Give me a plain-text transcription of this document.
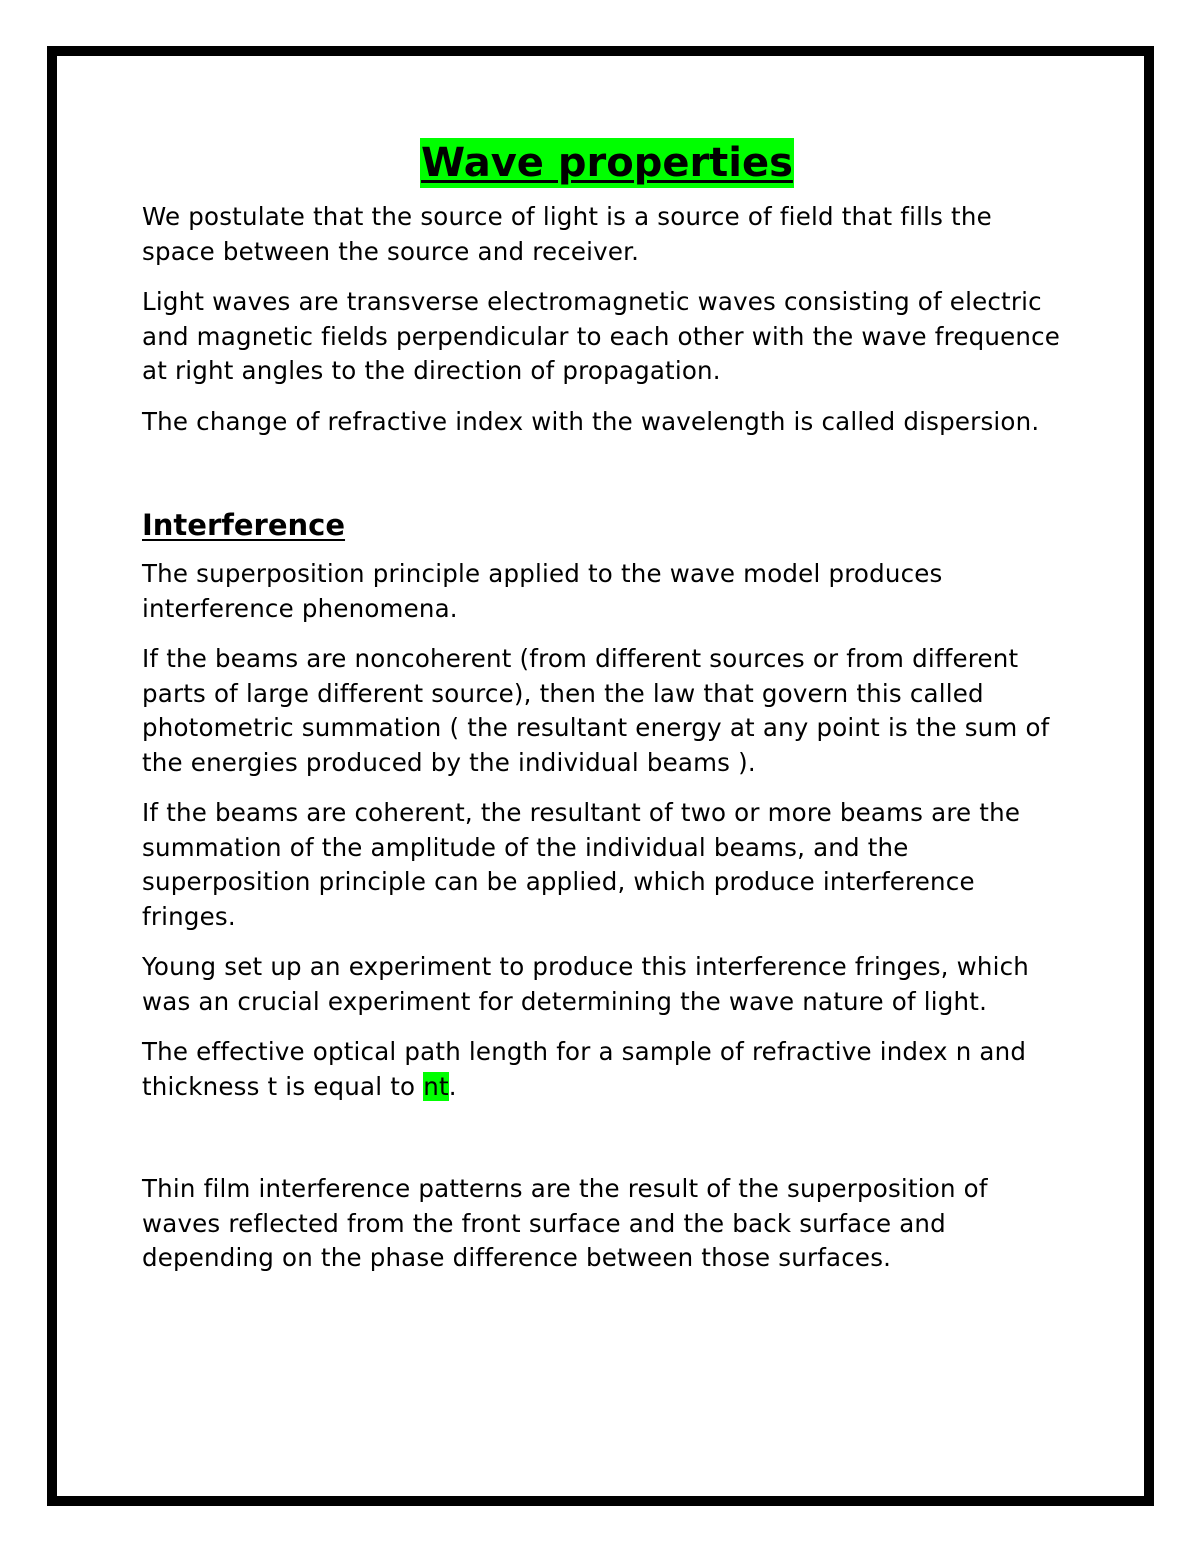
Wave properties

We postulate that the source of light is a source of field that fills the space between the source and receiver.

Light waves are transverse electromagnetic waves consisting of electric and magnetic fields perpendicular to each other with the wave frequence at right angles to the direction of propagation.

The change of refractive index with the wavelength is called dispersion.

Interference

The superposition principle applied to the wave model produces interference phenomena.

If the beams are noncoherent (from different sources or from different parts of large different source), then the law that govern this called photometric summation ( the resultant energy at any point is the sum of the energies produced by the individual beams ).

If the beams are coherent, the resultant of two or more beams are the summation of the amplitude of the individual beams, and the superposition principle can be applied, which produce interference fringes.

Young set up an experiment to produce this interference fringes, which was an crucial experiment for determining the wave nature of light.

The effective optical path length for a sample of refractive index n and thickness t is equal to nt.

Thin film interference patterns are the result of the superposition of waves reflected from the front surface and the back surface and depending on the phase difference between those surfaces.
